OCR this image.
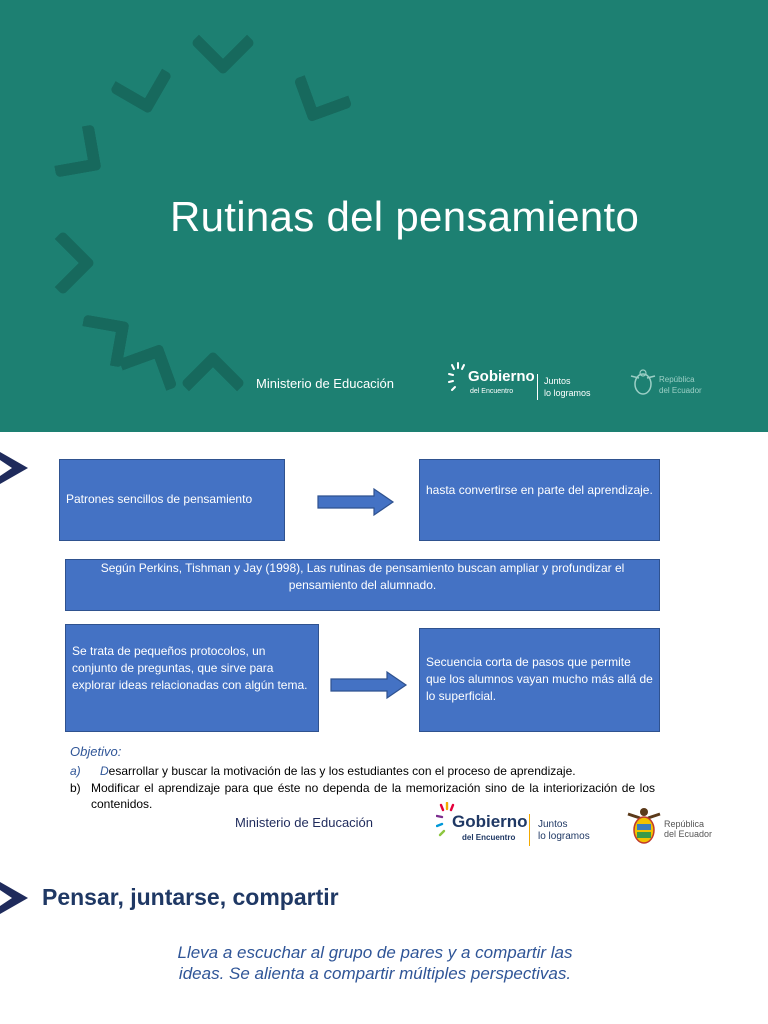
Rutinas del pensamiento
Ministerio de Educación	Gobierno
del Encuentro
Juntos
lo logramos
República
del Ecuador
Patrones sencillos de pensamiento
hasta convertirse en parte del aprendizaje.
Según Perkins, Tishman y Jay (1998), Las rutinas de pensamiento buscan ampliar y profundizar el pensamiento del alumnado.
Se trata de pequeños protocolos, un conjunto de preguntas, que sirve para explorar ideas relacionadas con algún tema.
Secuencia corta de pasos que permite que los alumnos vayan mucho más allá de lo superficial.
Objetivo:
a) Desarrollar y buscar la motivación de las y los estudiantes con el proceso de aprendizaje.
b) Modificar el aprendizaje para que éste no dependa de la memorización sino de la interiorización de los contenidos.
Ministerio de Educación	Gobierno
del Encuentro
Juntos
lo logramos
República
del Ecuador
Pensar, juntarse, compartir
Lleva a escuchar al grupo de pares y a compartir las ideas. Se alienta a compartir múltiples perspectivas.
